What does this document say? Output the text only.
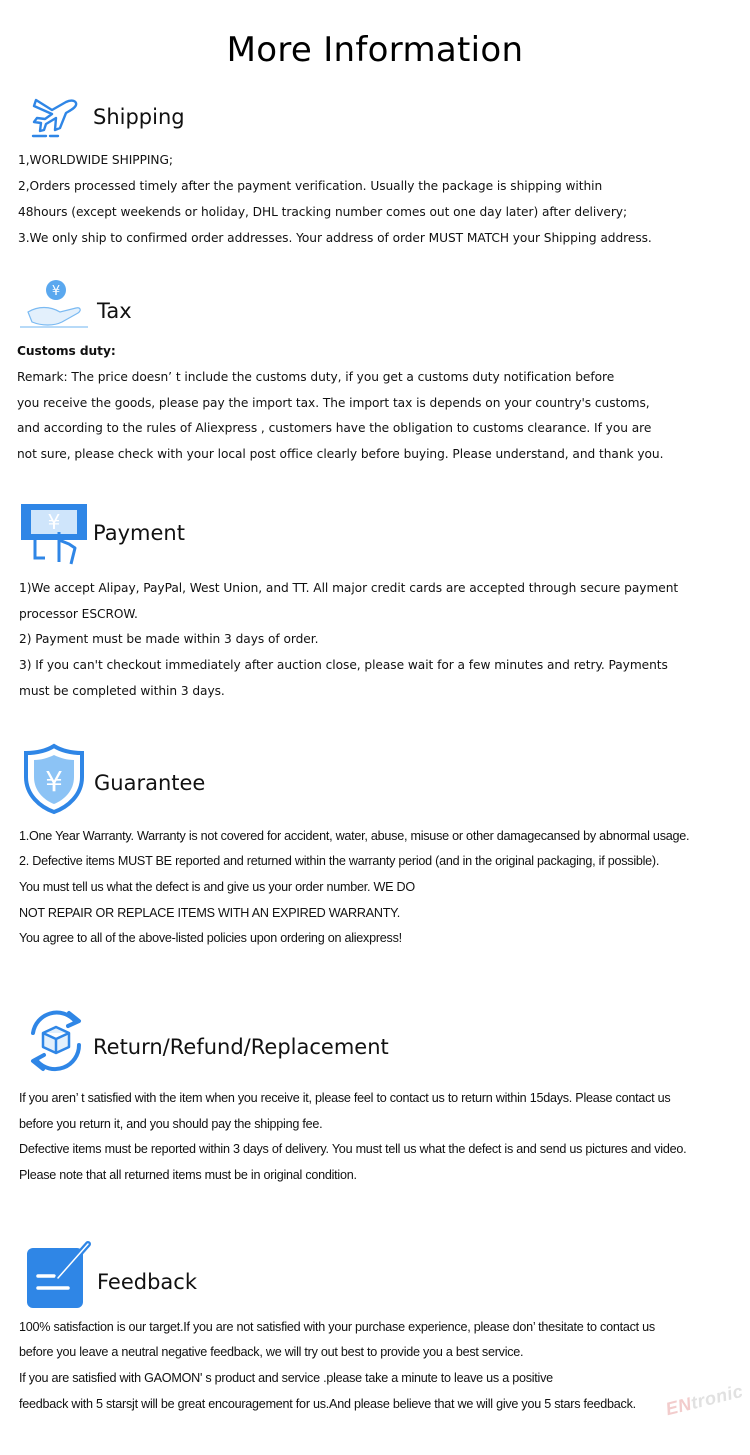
More Information
Shipping
1,WORLDWIDE SHIPPING;
2,Orders processed timely after the payment verification. Usually the package is shipping within
48hours (except weekends or holiday, DHL tracking number comes out one day later) after delivery;
3.We only ship to confirmed order addresses. Your address of order MUST MATCH your Shipping address.
¥
Tax
Customs duty:
Remark: The price doesn’ t include the customs duty, if you get a customs duty notification before
you receive the goods, please pay the import tax. The import tax is depends on your country's customs,
and according to the rules of Aliexpress , customers have the obligation to customs clearance. If you are
not sure, please check with your local post office clearly before buying. Please understand, and thank you.
¥ Payment
1)We accept Alipay, PayPal, West Union, and TT. All major credit cards are accepted through secure payment
processor ESCROW.
2) Payment must be made within 3 days of order.
3) If you can't checkout immediately after auction close, please wait for a few minutes and retry. Payments
must be completed within 3 days.
¥ Guarantee
1.One Year Warranty. Warranty is not covered for accident, water, abuse, misuse or other damagecansed by abnormal usage.
2. Defective items MUST BE reported and returned within the warranty period (and in the original packaging, if possible).
You must tell us what the defect is and give us your order number. WE DO
NOT REPAIR OR REPLACE ITEMS WITH AN EXPIRED WARRANTY.
You agree to all of the above-listed policies upon ordering on aliexpress!
Return/Refund/Replacement
If you aren’ t satisfied with the item when you receive it, please feel to contact us to return within 15days. Please contact us
before you return it, and you should pay the shipping fee.
Defective items must be reported within 3 days of delivery. You must tell us what the defect is and send us pictures and video.
Please note that all returned items must be in original condition.
Feedback
100% satisfaction is our target.If you are not satisfied with your purchase experience, please don’ thesitate to contact us
before you leave a neutral negative feedback, we will try out best to provide you a best service.
If you are satisfied with GAOMON' s product and service .please take a minute to leave us a positive
feedback with 5 starsjt will be great encouragement for us.And please believe that we will give you 5 stars feedback. ENtronic
